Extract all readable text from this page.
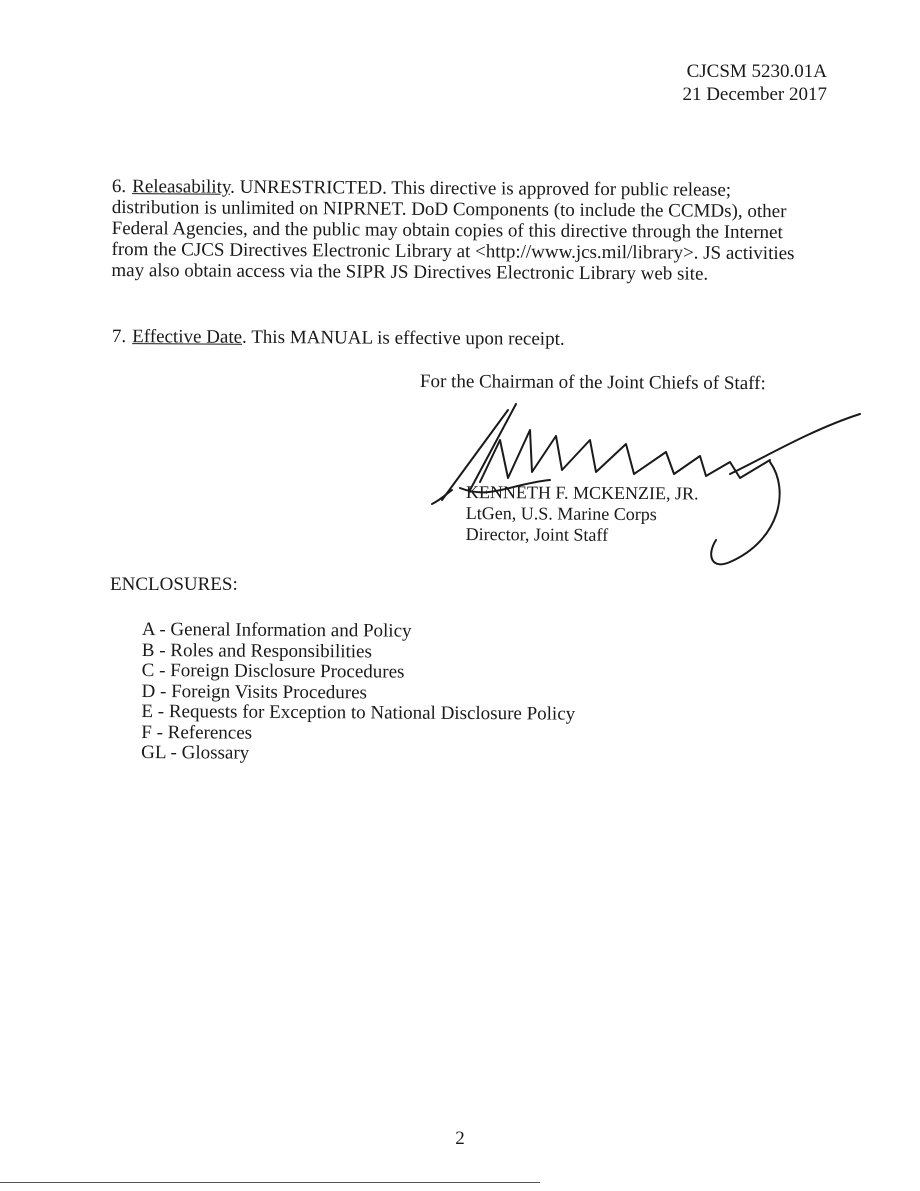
CJCSM 5230.01A
21 December 2017
6. Releasability. UNRESTRICTED. This directive is approved for public release; distribution is unlimited on NIPRNET. DoD Components (to include the CCMDs), other Federal Agencies, and the public may obtain copies of this directive through the Internet from the CJCS Directives Electronic Library at <http://www.jcs.mil/library>. JS activities may also obtain access via the SIPR JS Directives Electronic Library web site.
7. Effective Date. This MANUAL is effective upon receipt.
For the Chairman of the Joint Chiefs of Staff:
KENNETH F. MCKENZIE, JR.
LtGen, U.S. Marine Corps
Director, Joint Staff
ENCLOSURES:
A - General Information and Policy
B - Roles and Responsibilities
C - Foreign Disclosure Procedures
D - Foreign Visits Procedures
E - Requests for Exception to National Disclosure Policy
F - References
GL - Glossary
2
